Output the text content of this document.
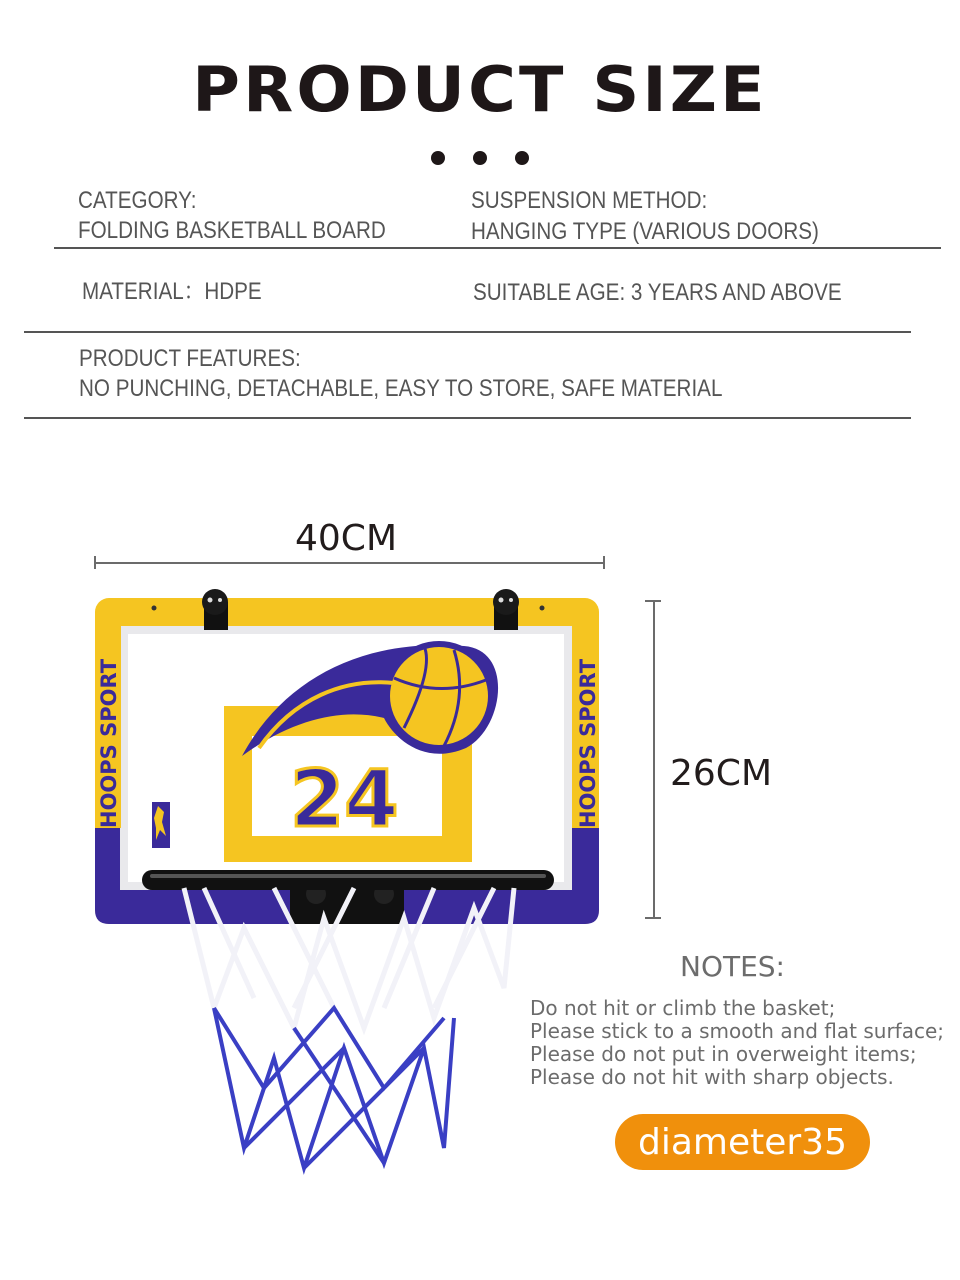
PRODUCT SIZE
CATEGORY:
FOLDING BASKETBALL BOARD
SUSPENSION METHOD:
HANGING TYPE (VARIOUS DOORS)
MATERIAL：HDPE	SUITABLE AGE: 3 YEARS AND ABOVE
PRODUCT FEATURES:
NO PUNCHING, DETACHABLE, EASY TO STORE, SAFE MATERIAL
40CM
26CM
HOOPS SPORT	HOOPS SPORT
24
NOTES:
Do not hit or climb the basket;
Please stick to a smooth and flat surface;
Please do not put in overweight items;
Please do not hit with sharp objects.
diameter35
